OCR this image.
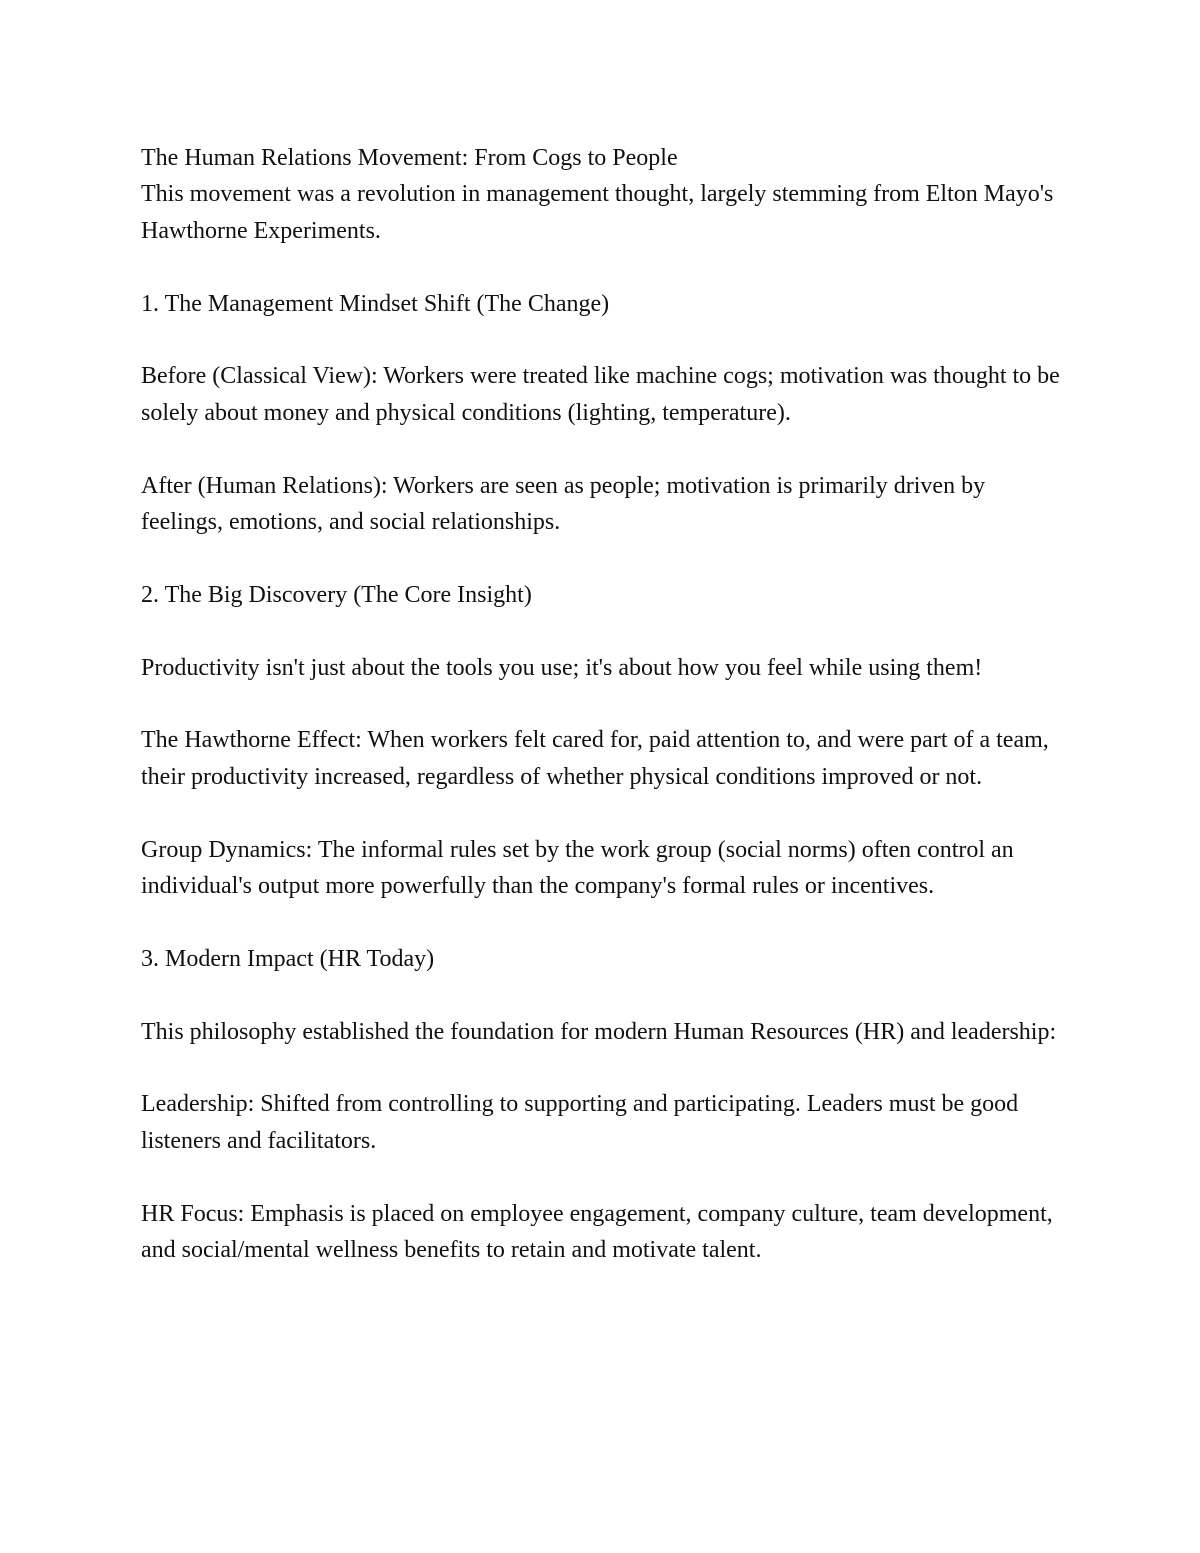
The Human Relations Movement: From Cogs to People

This movement was a revolution in management thought, largely stemming from Elton Mayo's Hawthorne Experiments.

1. The Management Mindset Shift (The Change)

Before (Classical View): Workers were treated like machine cogs; motivation was thought to be solely about money and physical conditions (lighting, temperature).

After (Human Relations): Workers are seen as people; motivation is primarily driven by feelings, emotions, and social relationships.

2. The Big Discovery (The Core Insight)

Productivity isn't just about the tools you use; it's about how you feel while using them!

The Hawthorne Effect: When workers felt cared for, paid attention to, and were part of a team, their productivity increased, regardless of whether physical conditions improved or not.

Group Dynamics: The informal rules set by the work group (social norms) often control an individual's output more powerfully than the company's formal rules or incentives.

3. Modern Impact (HR Today)

This philosophy established the foundation for modern Human Resources (HR) and leadership:

Leadership: Shifted from controlling to supporting and participating. Leaders must be good listeners and facilitators.

HR Focus: Emphasis is placed on employee engagement, company culture, team development, and social/mental wellness benefits to retain and motivate talent.
